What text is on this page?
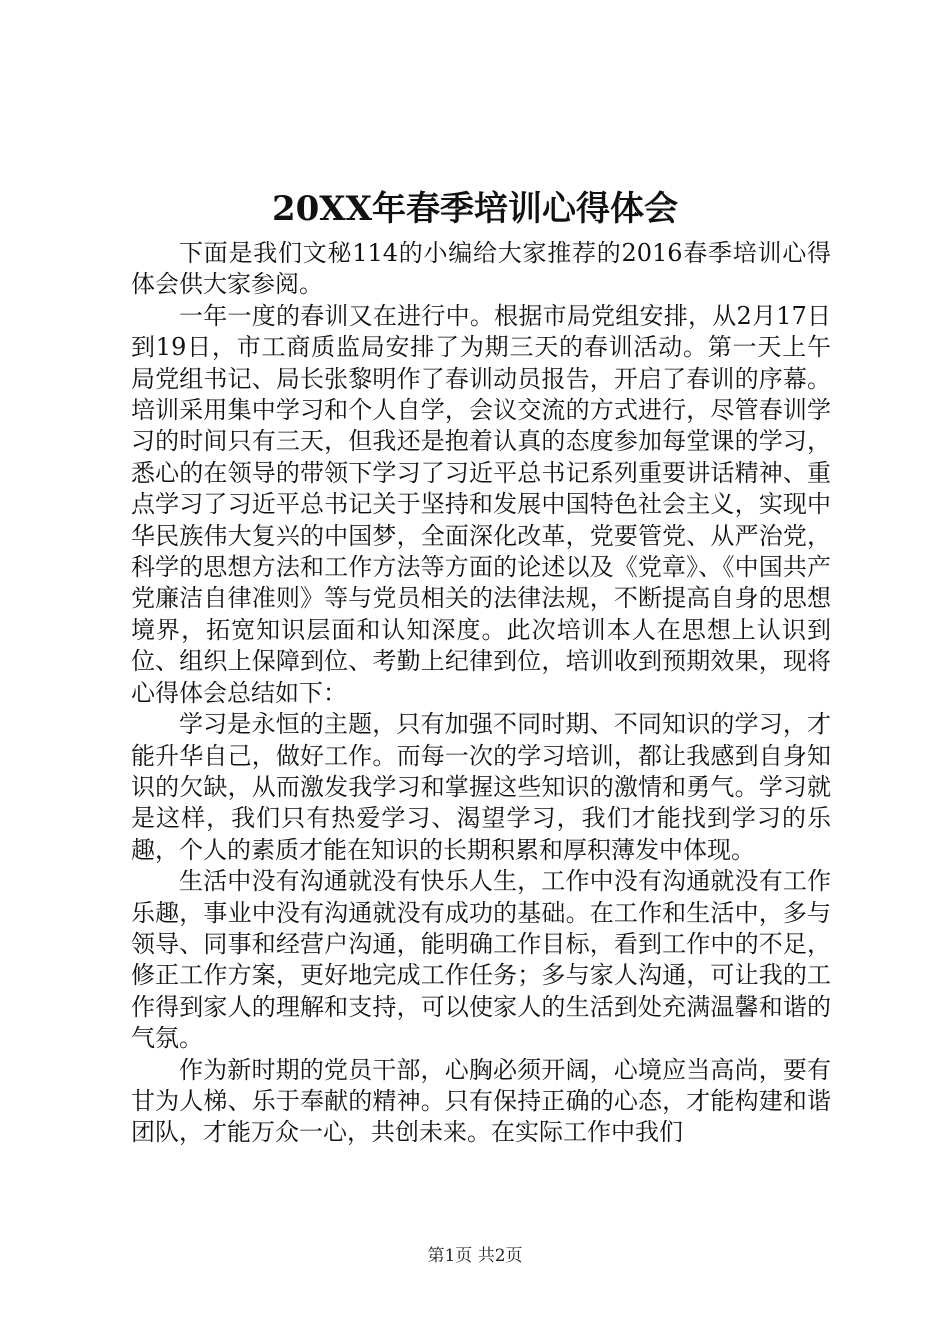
20XX年春季培训心得体会

下面是我们文秘114的小编给大家推荐的2016春季培训心得体会供大家参阅。

一年一度的春训又在进行中。根据市局党组安排，从2月17日到19日，市工商质监局安排了为期三天的春训活动。第一天上午局党组书记、局长张黎明作了春训动员报告，开启了春训的序幕。培训采用集中学习和个人自学，会议交流的方式进行，尽管春训学习的时间只有三天，但我还是抱着认真的态度参加每堂课的学习，悉心的在领导的带领下学习了习近平总书记系列重要讲话精神、重点学习了习近平总书记关于坚持和发展中国特色社会主义，实现中华民族伟大复兴的中国梦，全面深化改革，党要管党、从严治党，科学的思想方法和工作方法等方面的论述以及《党章》、《中国共产党廉洁自律准则》等与党员相关的法律法规，不断提高自身的思想境界，拓宽知识层面和认知深度。此次培训本人在思想上认识到位、组织上保障到位、考勤上纪律到位，培训收到预期效果，现将心得体会总结如下：

学习是永恒的主题，只有加强不同时期、不同知识的学习，才能升华自己，做好工作。而每一次的学习培训，都让我感到自身知识的欠缺，从而激发我学习和掌握这些知识的激情和勇气。学习就是这样，我们只有热爱学习、渴望学习，我们才能找到学习的乐趣，个人的素质才能在知识的长期积累和厚积薄发中体现。

生活中没有沟通就没有快乐人生，工作中没有沟通就没有工作乐趣，事业中没有沟通就没有成功的基础。在工作和生活中，多与领导、同事和经营户沟通，能明确工作目标，看到工作中的不足，修正工作方案，更好地完成工作任务；多与家人沟通，可让我的工作得到家人的理解和支持，可以使家人的生活到处充满温馨和谐的气氛。

作为新时期的党员干部，心胸必须开阔，心境应当高尚，要有甘为人梯、乐于奉献的精神。只有保持正确的心态，才能构建和谐团队，才能万众一心，共创未来。在实际工作中我们

第1页 共2页
